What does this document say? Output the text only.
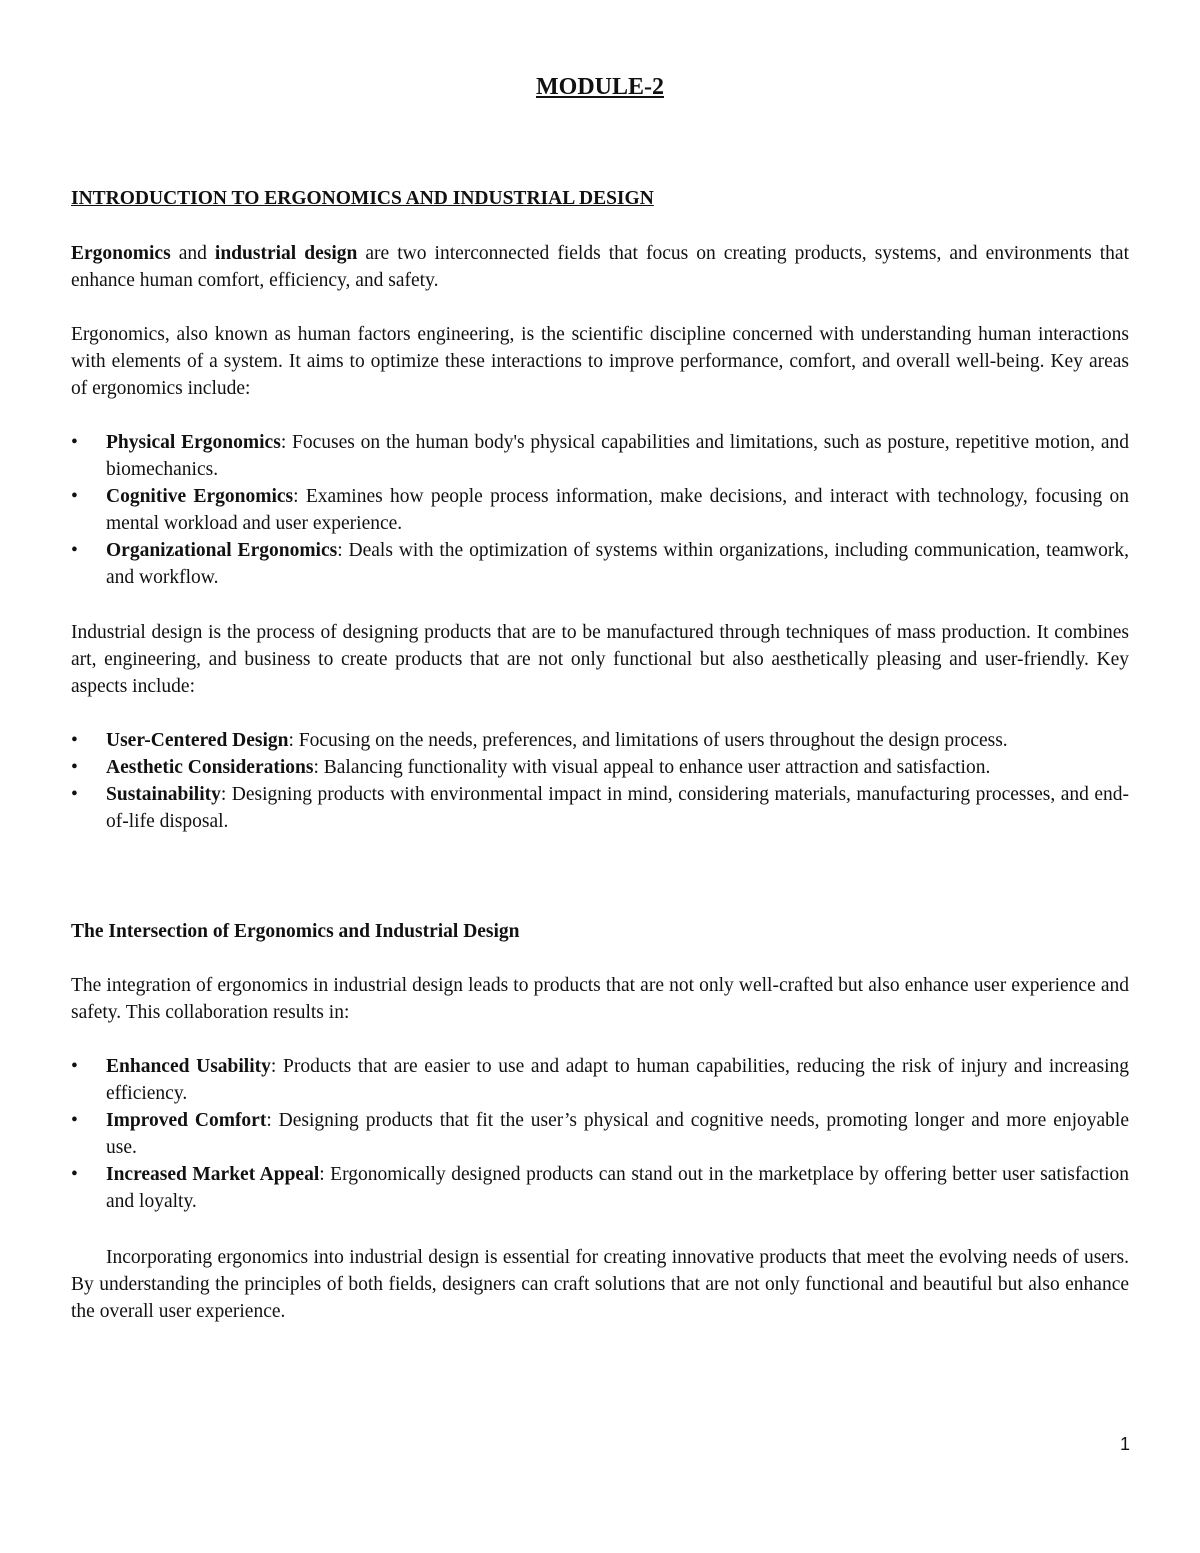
MODULE-2
INTRODUCTION TO ERGONOMICS AND INDUSTRIAL DESIGN

Ergonomics and industrial design are two interconnected fields that focus on creating products, systems, and environments that enhance human comfort, efficiency, and safety.

Ergonomics, also known as human factors engineering, is the scientific discipline concerned with understanding human interactions with elements of a system. It aims to optimize these interactions to improve performance, comfort, and overall well-being. Key areas of ergonomics include:

• Physical Ergonomics: Focuses on the human body's physical capabilities and limitations, such as posture, repetitive motion, and biomechanics.
• Cognitive Ergonomics: Examines how people process information, make decisions, and interact with technology, focusing on mental workload and user experience.
• Organizational Ergonomics: Deals with the optimization of systems within organizations, including communication, teamwork, and workflow.

Industrial design is the process of designing products that are to be manufactured through techniques of mass production. It combines art, engineering, and business to create products that are not only functional but also aesthetically pleasing and user-friendly. Key aspects include:

• User-Centered Design: Focusing on the needs, preferences, and limitations of users throughout the design process.
• Aesthetic Considerations: Balancing functionality with visual appeal to enhance user attraction and satisfaction.
• Sustainability: Designing products with environmental impact in mind, considering materials, manufacturing processes, and end-of-life disposal.

The Intersection of Ergonomics and Industrial Design

The integration of ergonomics in industrial design leads to products that are not only well-crafted but also enhance user experience and safety. This collaboration results in:

• Enhanced Usability: Products that are easier to use and adapt to human capabilities, reducing the risk of injury and increasing efficiency.
• Improved Comfort: Designing products that fit the user’s physical and cognitive needs, promoting longer and more enjoyable use.
• Increased Market Appeal: Ergonomically designed products can stand out in the marketplace by offering better user satisfaction and loyalty.

Incorporating ergonomics into industrial design is essential for creating innovative products that meet the evolving needs of users. By understanding the principles of both fields, designers can craft solutions that are not only functional and beautiful but also enhance the overall user experience.

1
